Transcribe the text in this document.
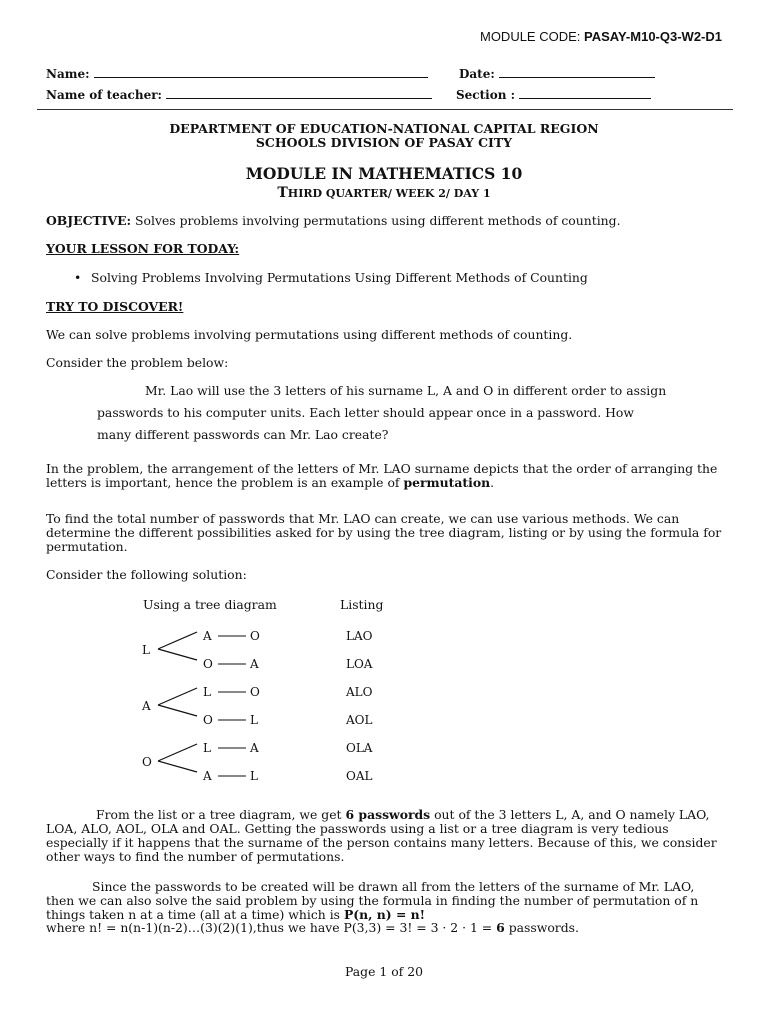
MODULE CODE: PASAY-M10-Q3-W2-D1
Name:	Date:
Name of teacher:	Section :
DEPARTMENT OF EDUCATION-NATIONAL CAPITAL REGION
SCHOOLS DIVISION OF PASAY CITY
MODULE IN MATHEMATICS 10
THIRD QUARTER/ WEEK 2/ DAY 1
OBJECTIVE: Solves problems involving permutations using different methods of counting.
YOUR LESSON FOR TODAY:
• Solving Problems Involving Permutations Using Different Methods of Counting
TRY TO DISCOVER!
We can solve problems involving permutations using different methods of counting.
Consider the problem below:
Mr. Lao will use the 3 letters of his surname L, A and O in different order to assign
passwords to his computer units. Each letter should appear once in a password. How
many different passwords can Mr. Lao create?
In the problem, the arrangement of the letters of Mr. LAO surname depicts that the order of arranging the letters is important, hence the problem is an example of permutation.
To find the total number of passwords that Mr. LAO can create, we can use various methods. We can determine the different possibilities asked for by using the tree diagram, listing or by using the formula for permutation.
Consider the following solution:
Using a tree diagram	Listing
L
A
O
A	O
O	A
L	O
O	L
L	A
A	L
LAO
LOA
ALO
AOL
OLA
OAL
From the list or a tree diagram, we get 6 passwords out of the 3 letters L, A, and O namely LAO, LOA, ALO, AOL, OLA and OAL. Getting the passwords using a list or a tree diagram is very tedious especially if it happens that the surname of the person contains many letters. Because of this, we consider other ways to find the number of permutations.
Since the passwords to be created will be drawn all from the letters of the surname of Mr. LAO, then we can also solve the said problem by using the formula in finding the number of permutation of n things taken n at a time (all at a time) which is P(n, n) = n!
where n! = n(n-1)(n-2)…(3)(2)(1),thus we have P(3,3) = 3! = 3 · 2 · 1 = 6 passwords.
Page 1 of 20
